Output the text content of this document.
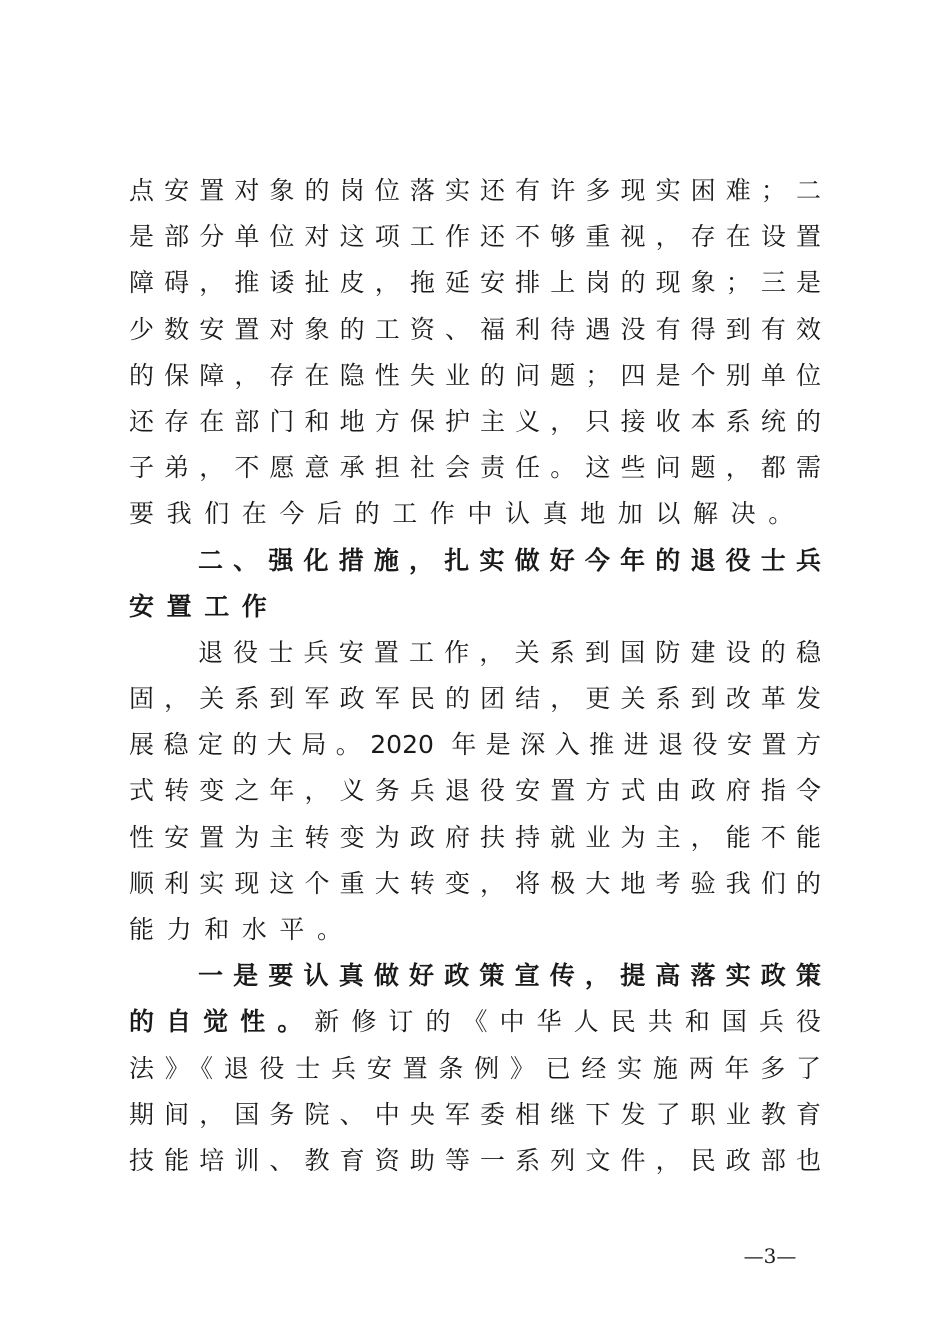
点安置对象的岗位落实还有许多现实困难；二
是部分单位对这项工作还不够重视，存在设置
障碍，推诿扯皮，拖延安排上岗的现象；三是
少数安置对象的工资、福利待遇没有得到有效
的保障，存在隐性失业的问题；四是个别单位
还存在部门和地方保护主义，只接收本系统的
子弟，不愿意承担社会责任。这些问题，都需
要我们在今后的工作中认真地加以解决。
二、强化措施，扎实做好今年的退役士兵
安置工作
退役士兵安置工作，关系到国防建设的稳
固，关系到军政军民的团结，更关系到改革发
展稳定的大局。2020 年是深入推进退役安置方
式转变之年，义务兵退役安置方式由政府指令
性安置为主转变为政府扶持就业为主，能不能
顺利实现这个重大转变，将极大地考验我们的
能力和水平。
一是要认真做好政策宣传，提高落实政策
的自觉性。新修订的《中华人民共和国兵役
法》《退役士兵安置条例》已经实施两年多了
期间，国务院、中央军委相继下发了职业教育
技能培训、教育资助等一系列文件，民政部也
—3—
